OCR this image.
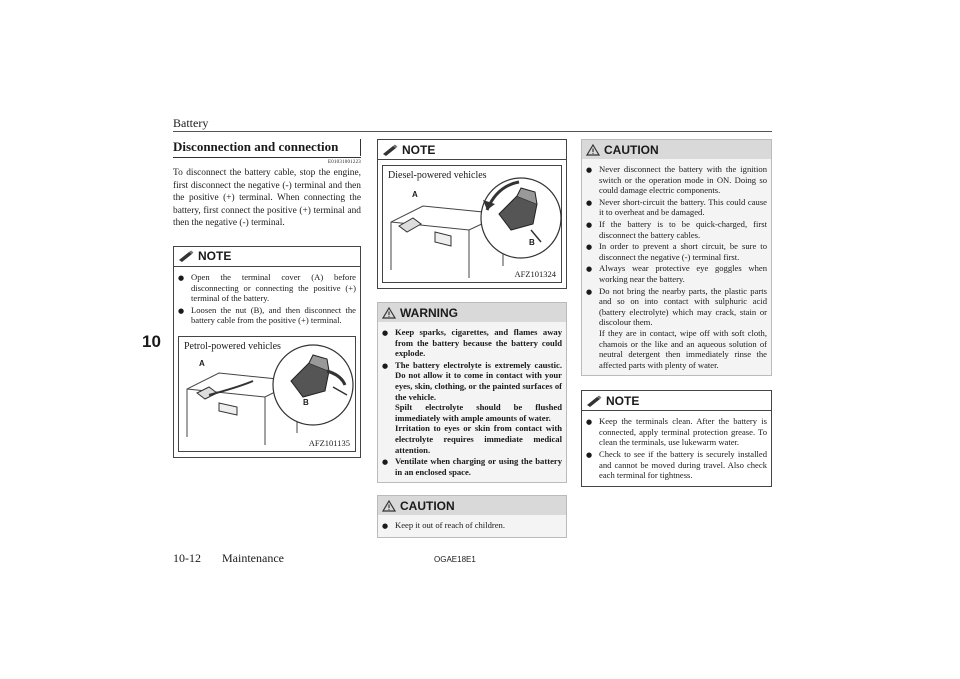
Battery
10
Disconnection and connection
E01031001223
To disconnect the battery cable, stop the engine, first disconnect the negative (-) terminal and then the positive (+) terminal. When connecting the battery, first connect the positive (+) terminal and then the negative (-) terminal.
NOTE
● Open the terminal cover (A) before disconnecting or connecting the positive (+) terminal of the battery.
● Loosen the nut (B), and then disconnect the battery cable from the positive (+) terminal.
Petrol-powered vehicles
A
B
AFZ101135
NOTE
Diesel-powered vehicles
A
B
AFZ101324
WARNING
● Keep sparks, cigarettes, and flames away from the battery because the battery could explode.
● The battery electrolyte is extremely caustic. Do not allow it to come in contact with your eyes, skin, clothing, or the painted surfaces of the vehicle.
Spilt electrolyte should be flushed immediately with ample amounts of water.
Irritation to eyes or skin from contact with electrolyte requires immediate medical attention.
● Ventilate when charging or using the battery in an enclosed space.
CAUTION
● Keep it out of reach of children.
CAUTION
● Never disconnect the battery with the ignition switch or the operation mode in ON. Doing so could damage electric components.
● Never short-circuit the battery. This could cause it to overheat and be damaged.
● If the battery is to be quick-charged, first disconnect the battery cables.
● In order to prevent a short circuit, be sure to disconnect the negative (-) terminal first.
● Always wear protective eye goggles when working near the battery.
● Do not bring the nearby parts, the plastic parts and so on into contact with sulphuric acid (battery electrolyte) which may crack, stain or discolour them.
If they are in contact, wipe off with soft cloth, chamois or the like and an aqueous solution of neutral detergent then immediately rinse the affected parts with plenty of water.
NOTE
● Keep the terminals clean. After the battery is connected, apply terminal protection grease. To clean the terminals, use lukewarm water.
● Check to see if the battery is securely installed and cannot be moved during travel. Also check each terminal for tightness.
10-12 Maintenance	OGAE18E1
